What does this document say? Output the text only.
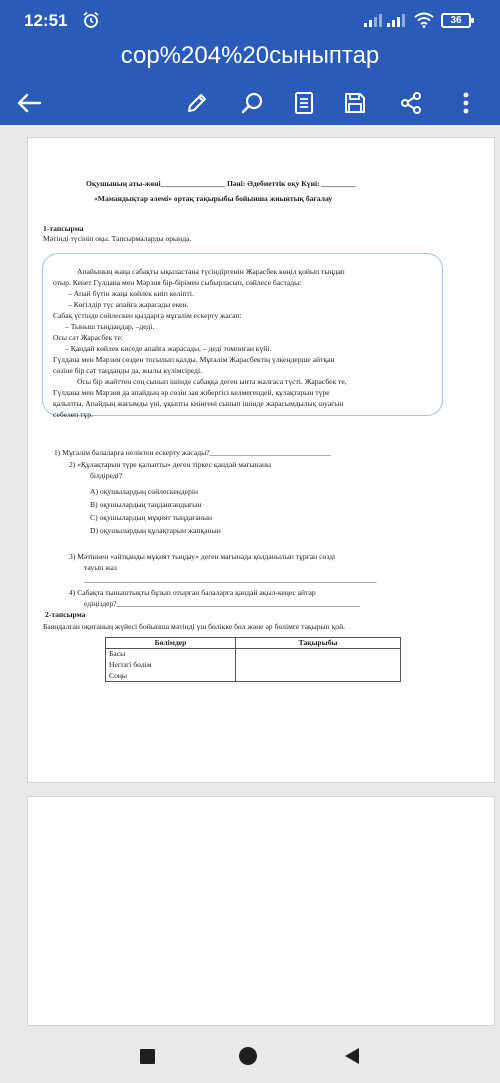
12:51	36
сор%204%20сыныптар
Оқушының аты-жөні_________________ Пәні: Әдебиеттік оқу Күні: _________
«Мамандықтар әлемі» ортақ тақырыбы бойынша жиынтық бағалау
1-тапсырма
Мәтінді түсініп оқы. Тапсырмаларды орында.
Апайының жаңа сабақты ықыластана түсіндіргенін Жарасбек көңіл қойып тыңдап
отыр. Кенет Гүлдана мен Мәрзия бір-бірімен сыбырласып, сөйлесе бастады:
– Апай бүтін жаңа көйлек киіп келіпті.
– Көгілдір түс апайға жарасады екен.
Сабақ үстінде сөйлескен қыздарға мұғалім ескерту жасап:
– Тыныш тыңдаңдар, –деді.
Осы сәт Жарасбек те:
– Қандай көйлек киседе апайға жарасады, – деді томпиған күйі.
Гүлдана мен Мәрзия сөзден тосылып қалды. Мұғалім Жарасбектің үлкендерше айтқан
сөзіне бір сәт таңданды да, жылы күлімсіреді.
Осы бір жайттен соң сынып ішінде сабаққа деген ынта жалғаса түсті. Жарасбек те,
Гүлдана мен Мәрзия да апайдың әр сөзін зая жібергісі келмегендей, құлақтарын түре
қалыпты. Апайдың жағымды үні, ұқыпты киінгені сынып ішінде жарасымдылық шуағын
себелеп тұр.
1) Мұғалім балаларға неліктен ескерту жасады?________________________________
2) «Құлақтарын түре қалыпты» деген тіркес қандай мағынаны
білдіреді?
A) оқушылардың сөйлескендерін
B) оқушылардың таңданғандығын
C) оқушылардың мұқият тыңдағанын
D) оқушылардың құлақтарын жапқанын
3) Мәтіннен «айтқанды мұқият тыңдау» деген мағынада қолданылып тұрған сөзді
тауып жаз
_____________________________________________________________________________
4) Сабақта тыныштықты бұзып отырған балаларға қандай ақыл-кеңес айтар
едіңіздер?________________________________________________________________
2-тапсырма
Баяндалған оқиғаның жүйесі бойынша мәтінді үш бөлікке бөл және әр бөлімге тақырып қой.
Бөлімдер	Тақырыбы
Басы	
Негізгі бөлім	
Соңы	
